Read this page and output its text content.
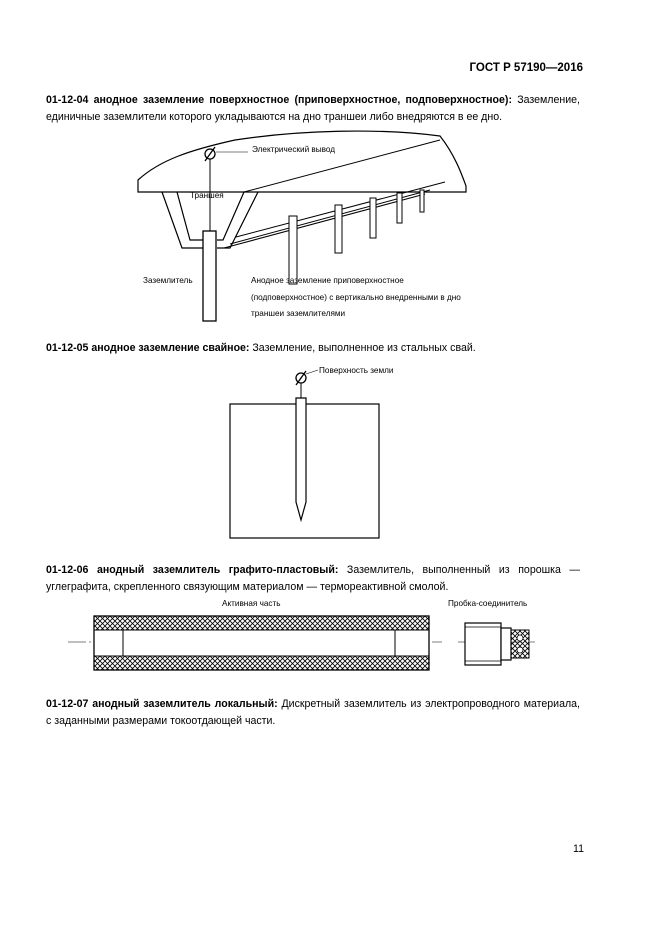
ГОСТ Р 57190—2016
01-12-04 анодное заземление поверхностное (приповерхностное, подповерхностное): Заземление, единичные заземлители которого укладываются на дно траншеи либо внедряются в ее дно.
Электрический вывод
Траншея
Заземлитель	Анодное заземление приповерхностное
(подповерхностное) с вертикально внедренными в дно
траншеи заземлителями
01-12-05 анодное заземление свайное: Заземление, выполненное из стальных свай.
Поверхность земли
01-12-06 анодный заземлитель графито-пластовый: Заземлитель, выполненный из порошка — углеграфита, скрепленного связующим материалом — термореактивной смолой.
Активная часть	Пробка-соединитель
01-12-07 анодный заземлитель локальный: Дискретный заземлитель из электропроводного материала, с заданными размерами токоотдающей части.
11
